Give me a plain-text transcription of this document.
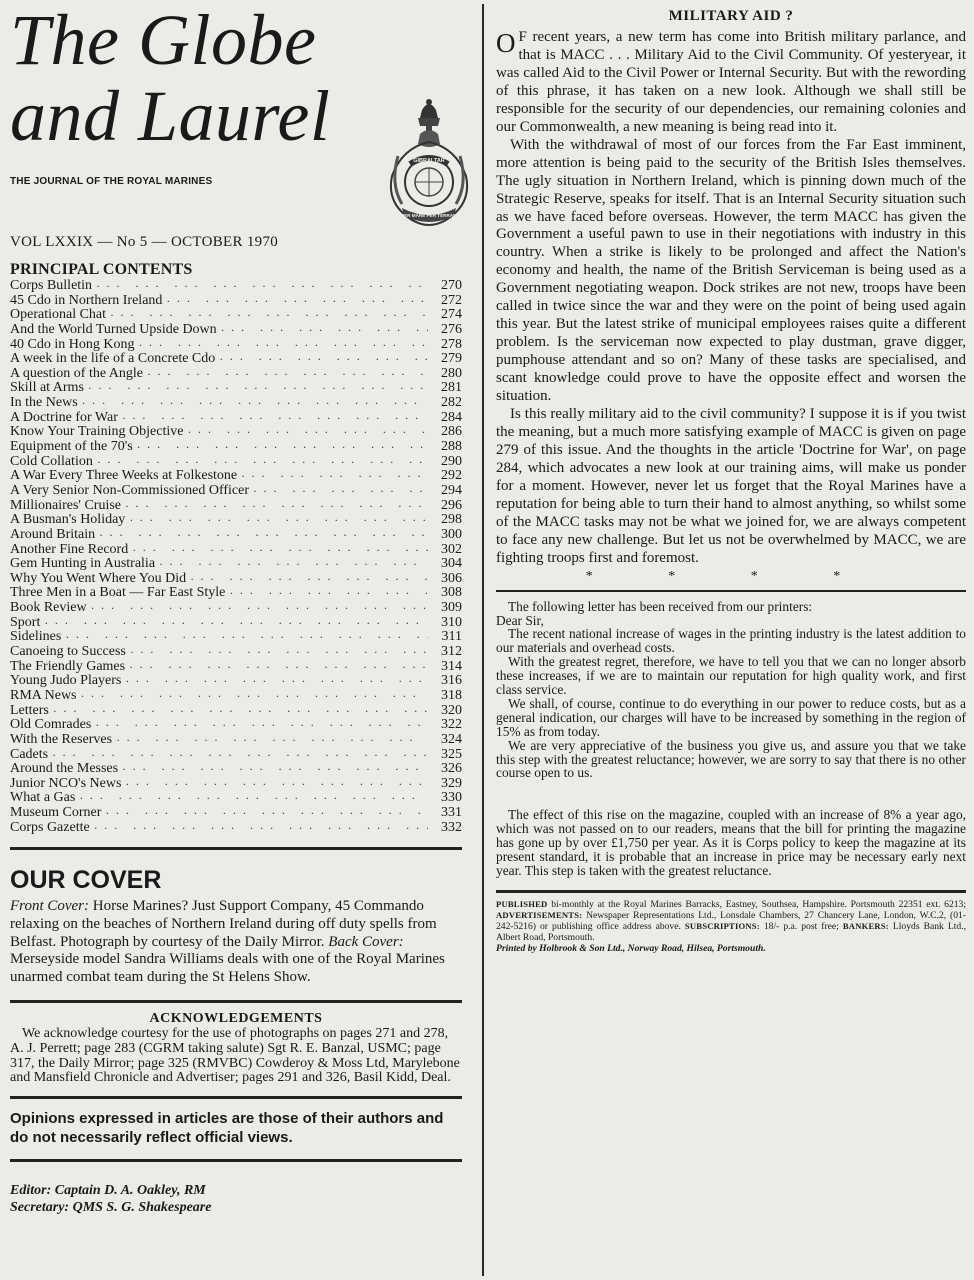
The Globe
and Laurel
THE JOURNAL OF THE ROYAL MARINES
GIBRALTAR
PER MARE PER TERRAM
VOL LXXIX — No 5 — OCTOBER 1970
PRINCIPAL CONTENTS
Corps Bulletin ··· ·	270
45 Cdo in Northern Ireland ··· ·	272
Operational Chat ··· ·	274
And the World Turned Upside Down ··· ·	276
40 Cdo in Hong Kong ··· ·	278
A week in the life of a Concrete Cdo ··· ·	279
A question of the Angle ··· ·	280
Skill at Arms ··· ·	281
In the News ··· ·	282
A Doctrine for War ··· ·	284
Know Your Training Objective ··· ·	286
Equipment of the 70's ··· ·	288
Cold Collation ··· ·	290
A War Every Three Weeks at Folkestone ··· ·	292
A Very Senior Non-Commissioned Officer ··· ·	294
Millionaires' Cruise ··· ·	296
A Busman's Holiday ··· ·	298
Around Britain ··· ·	300
Another Fine Record ··· ·	302
Gem Hunting in Australia ··· ·	304
Why You Went Where You Did ··· ·	306
Three Men in a Boat — Far East Style ··· ·	308
Book Review ··· ·	309
Sport ··· ·	310
Sidelines ··· ·	311
Canoeing to Success ··· ·	312
The Friendly Games ··· ·	314
Young Judo Players ··· ·	316
RMA News ··· ·	318
Letters ··· ·	320
Old Comrades ··· ·	322
With the Reserves ··· ·	324
Cadets ··· ·	325
Around the Messes ··· ·	326
Junior NCO's News ··· ·	329
What a Gas ··· ·	330
Museum Corner ··· ·	331
Corps Gazette ··· ·	332
OUR COVER
Front Cover: Horse Marines? Just Support Company, 45 Commando relaxing on the beaches of Northern Ireland during off duty spells from Belfast. Photograph by courtesy of the Daily Mirror. Back Cover: Merseyside model Sandra Williams deals with one of the Royal Marines unarmed combat team during the St Helens Show.
ACKNOWLEDGEMENTS
We acknowledge courtesy for the use of photographs on pages 271 and 278, A. J. Perrett; page 283 (CGRM taking salute) Sgt R. E. Banzal, USMC; page 317, the Daily Mirror; page 325 (RMVBC) Cowderoy & Moss Ltd, Marylebone and Mansfield Chronicle and Advertiser; pages 291 and 326, Basil Kidd, Deal.
Opinions expressed in articles are those of their authors and do not necessarily reflect official views.
Editor: Captain D. A. Oakley, RM
Secretary: QMS S. G. Shakespeare
MILITARY AID ?

O F recent years, a new term has come into British military parlance, and that is MACC . . . Military Aid to the Civil Community. Of yesteryear, it was called Aid to the Civil Power or Internal Security. But with the rewording of this phrase, it has taken on a new look. Although we shall still be responsible for the security of our dependencies, our remaining colonies and our Commonwealth, a new meaning is being read into it.

With the withdrawal of most of our forces from the Far East imminent, more attention is being paid to the security of the British Isles themselves. The ugly situation in Northern Ireland, which is pinning down much of the Strategic Reserve, speaks for itself. That is an Internal Security situation such as we have faced before overseas. However, the term MACC has given the Government a useful pawn to use in their negotiations with industry in this country. When a strike is likely to be prolonged and affect the Nation's economy and health, the name of the British Serviceman is being used as a Government negotiating weapon. Dock strikes are not new, troops have been called in twice since the war and they were on the point of being used again this year. But the latest strike of municipal employees raises quite a different problem. Is the serviceman now expected to play dustman, grave digger, pumphouse attendant and so on? Many of these tasks are specialised, and scant knowledge could prove to have the opposite effect and worsen the situation.

Is this really military aid to the civil community? I suppose it is if you twist the meaning, but a much more satisfying example of MACC is given on page 279 of this issue. And the thoughts in the article 'Doctrine for War', on page 284, which advocates a new look at our training aims, will make us ponder for a moment. However, never let us forget that the Royal Marines have a reputation for being able to turn their hand to almost anything, so whilst some of the MACC tasks may not be what we joined for, we are always competent to face any new challenge. But let us not be overwhelmed by MACC, we are fighting troops first and foremost.

* * * *

The following letter has been received from our printers:

Dear Sir,

The recent national increase of wages in the printing industry is the latest addition to our materials and overhead costs.

With the greatest regret, therefore, we have to tell you that we can no longer absorb these increases, if we are to maintain our reputation for high quality work, and first class service.

We shall, of course, continue to do everything in our power to reduce costs, but as a general indication, our charges will have to be increased by something in the region of 15% as from today.

We are very appreciative of the business you give us, and assure you that we take this step with the greatest reluctance; however, we are sorry to say that there is no other course open to us.

The effect of this rise on the magazine, coupled with an increase of 8% a year ago, which was not passed on to our readers, means that the bill for printing the magazine has gone up by over £1,750 per year. As it is Corps policy to keep the magazine at its present standard, it is probable that an increase in price may be necessary early next year. This step is taken with the greatest reluctance.

PUBLISHED bi-monthly at the Royal Marines Barracks, Eastney, Southsea, Hampshire. Portsmouth 22351 ext. 6213; ADVERTISEMENTS: Newspaper Representations Ltd., Lonsdale Chambers, 27 Chancery Lane, London, W.C.2, (01-242-5216) or publishing office address above. SUBSCRIPTIONS: 18/- p.a. post free; BANKERS: Lloyds Bank Ltd., Albert Road, Portsmouth.
Printed by Holbrook & Son Ltd., Norway Road, Hilsea, Portsmouth.
